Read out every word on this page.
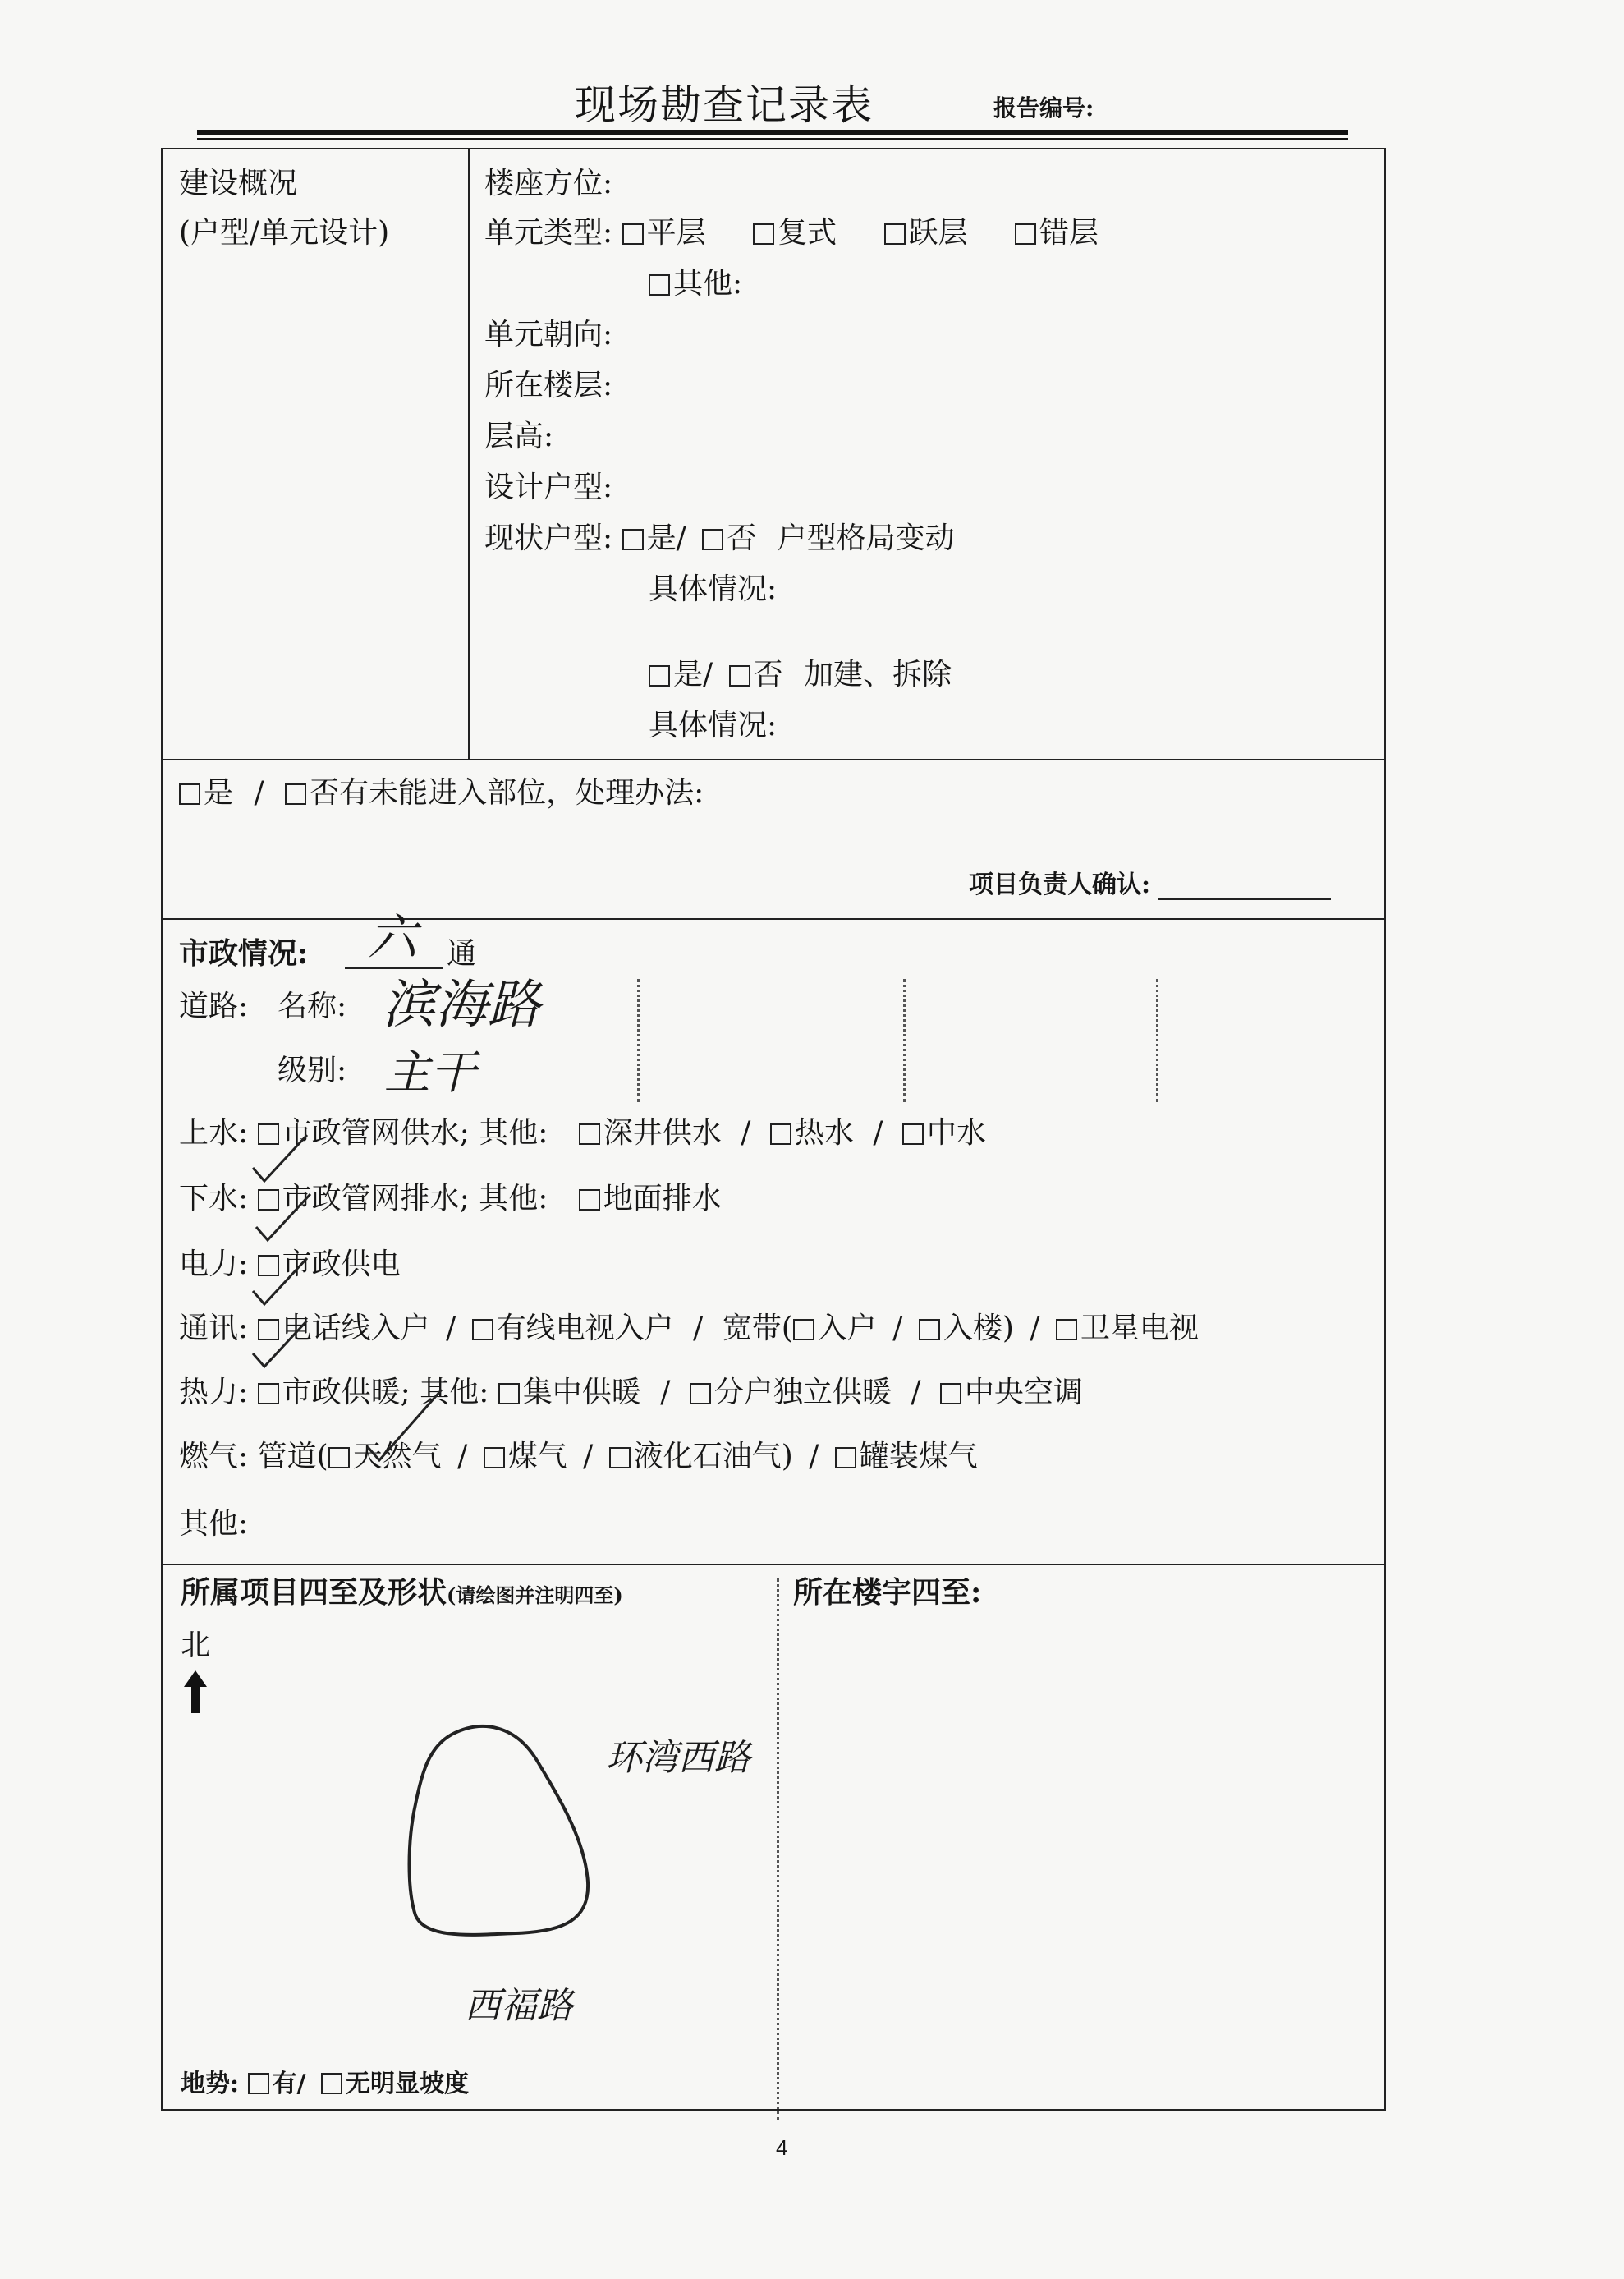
现场勘查记录表	报告编号:
建设概况
(户型/单元设计)
楼座方位:
单元类型: 平层 复式 跃层 错层
其他:
单元朝向:
所在楼层:
层高:
设计户型:
现状户型: 是/ 否 户型格局变动
具体情况:
是/ 否 加建、拆除
具体情况:
是 / 否有未能进入部位，处理办法:
项目负责人确认:
市政情况: 六 通
道路: 名称: 滨海路
级别: 主干
上水: 市政管网供水; 其他: 深井供水 / 热水 / 中水
下水: 市政管网排水; 其他: 地面排水
电力: 市政供电
通讯: 电话线入户 / 有线电视入户 / 宽带( 入户 / 入楼) / 卫星电视
热力: 市政供暖; 其他: 集中供暖 / 分户独立供暖 / 中央空调
燃气: 管道( 天然气 / 煤气 / 液化石油气) / 罐装煤气
其他:
所属项目四至及形状(请绘图并注明四至)
北
环湾西路
西福路
所在楼宇四至:
地势: 有/ 无明显坡度
4
